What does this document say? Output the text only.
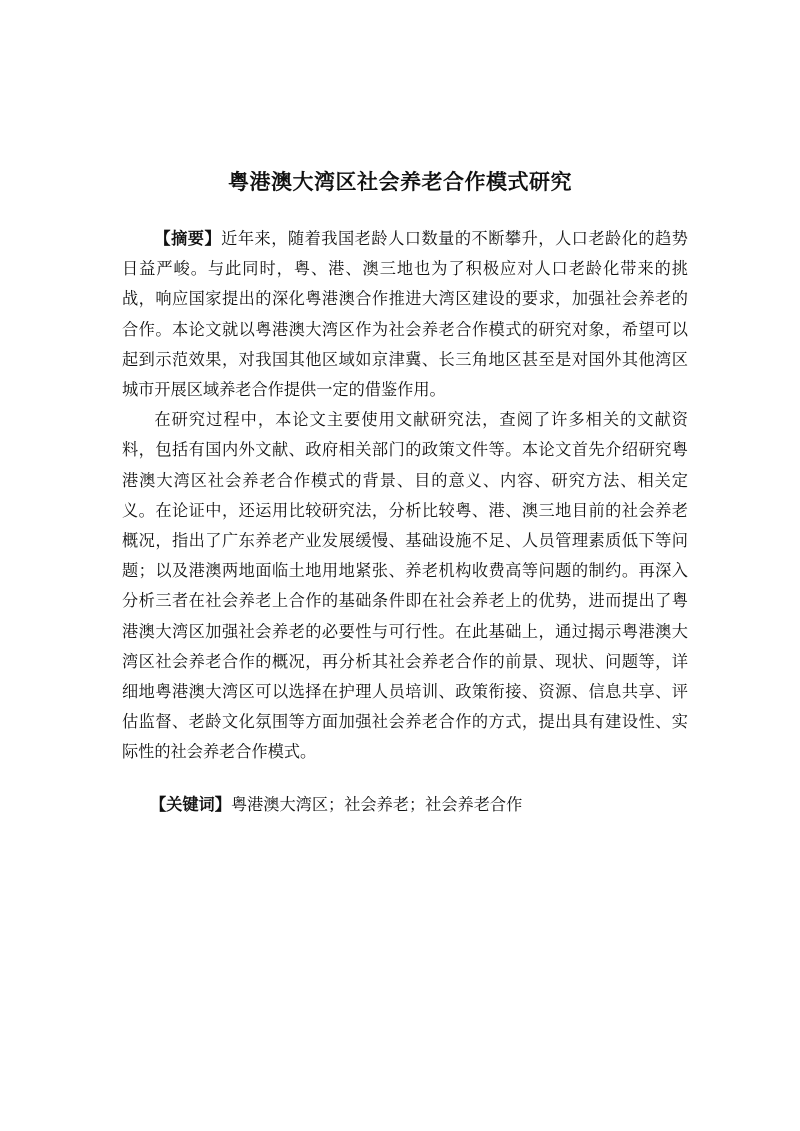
粤港澳大湾区社会养老合作模式研究

【摘要】近年来，随着我国老龄人口数量的不断攀升，人口老龄化的趋势日益严峻。与此同时，粤、港、澳三地也为了积极应对人口老龄化带来的挑战，响应国家提出的深化粤港澳合作推进大湾区建设的要求，加强社会养老的合作。本论文就以粤港澳大湾区作为社会养老合作模式的研究对象，希望可以起到示范效果，对我国其他区域如京津冀、长三角地区甚至是对国外其他湾区城市开展区域养老合作提供一定的借鉴作用。

在研究过程中，本论文主要使用文献研究法，查阅了许多相关的文献资料，包括有国内外文献、政府相关部门的政策文件等。本论文首先介绍研究粤港澳大湾区社会养老合作模式的背景、目的意义、内容、研究方法、相关定义。在论证中，还运用比较研究法，分析比较粤、港、澳三地目前的社会养老概况，指出了广东养老产业发展缓慢、基础设施不足、人员管理素质低下等问题；以及港澳两地面临土地用地紧张、养老机构收费高等问题的制约。再深入分析三者在社会养老上合作的基础条件即在社会养老上的优势，进而提出了粤港澳大湾区加强社会养老的必要性与可行性。在此基础上，通过揭示粤港澳大湾区社会养老合作的概况，再分析其社会养老合作的前景、现状、问题等，详细地粤港澳大湾区可以选择在护理人员培训、政策衔接、资源、信息共享、评估监督、老龄文化氛围等方面加强社会养老合作的方式，提出具有建设性、实际性的社会养老合作模式。

【关键词】粤港澳大湾区；社会养老；社会养老合作
